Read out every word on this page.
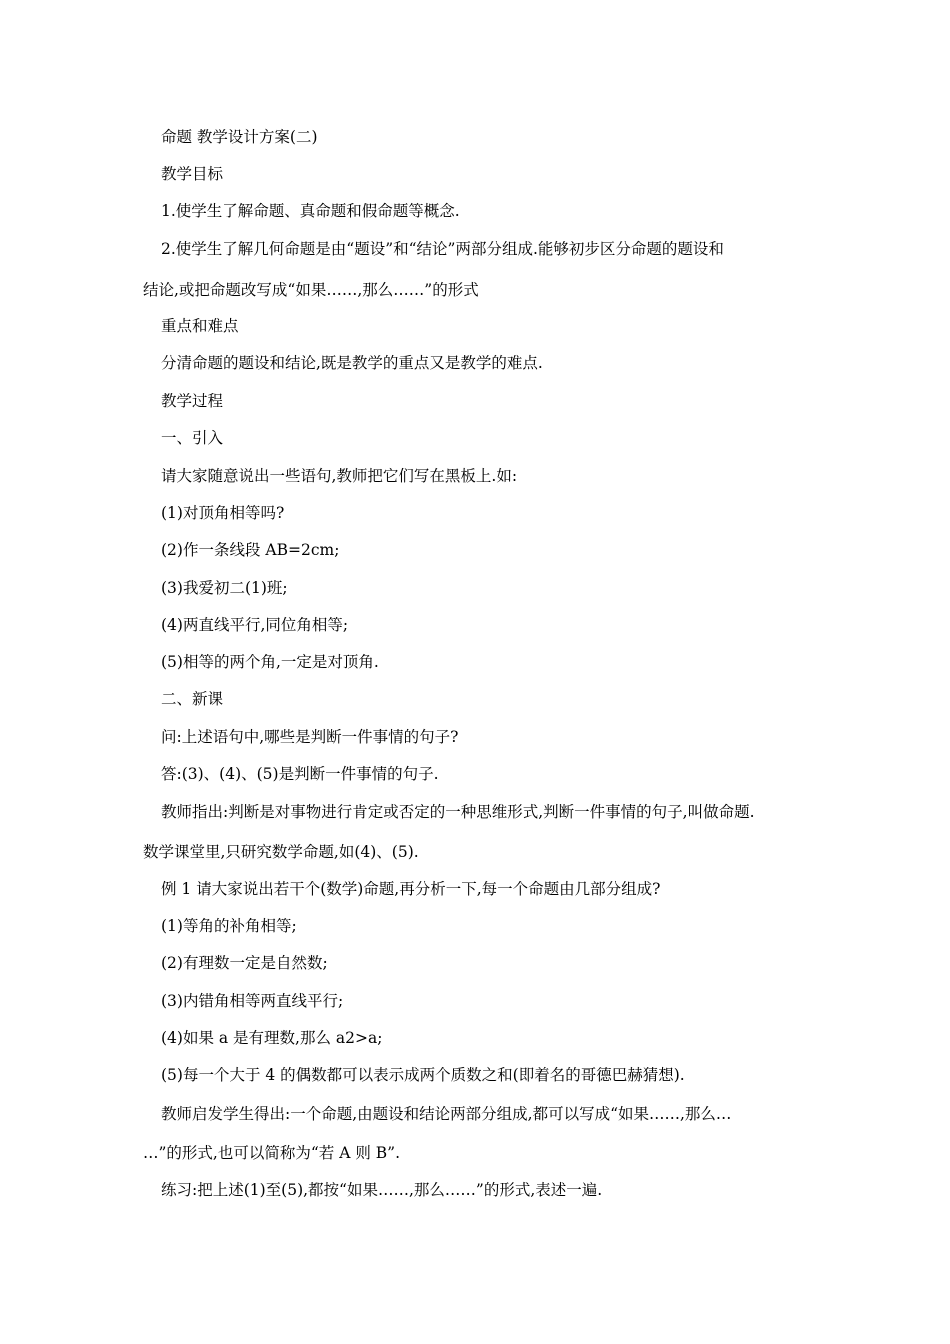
命题 教学设计方案(二)
教学目标
1.使学生了解命题、真命题和假命题等概念.
2.使学生了解几何命题是由“题设”和“结论”两部分组成.能够初步区分命题的题设和
结论,或把命题改写成“如果……,那么……”的形式
重点和难点
分清命题的题设和结论,既是教学的重点又是教学的难点.
教学过程
一、引入
请大家随意说出一些语句,教师把它们写在黑板上.如:
(1)对顶角相等吗?
(2)作一条线段 AB=2cm;
(3)我爱初二(1)班;
(4)两直线平行,同位角相等;
(5)相等的两个角,一定是对顶角.
二、新课
问:上述语句中,哪些是判断一件事情的句子?
答:(3)、(4)、(5)是判断一件事情的句子.
教师指出:判断是对事物进行肯定或否定的一种思维形式,判断一件事情的句子,叫做命题.
数学课堂里,只研究数学命题,如(4)、(5).
例 1 请大家说出若干个(数学)命题,再分析一下,每一个命题由几部分组成?
(1)等角的补角相等;
(2)有理数一定是自然数;
(3)内错角相等两直线平行;
(4)如果 a 是有理数,那么 a2>a;
(5)每一个大于 4 的偶数都可以表示成两个质数之和(即着名的哥德巴赫猜想).
教师启发学生得出:一个命题,由题设和结论两部分组成,都可以写成“如果……,那么…
…”的形式,也可以简称为“若 A 则 B”.
练习:把上述(1)至(5),都按“如果……,那么……”的形式,表述一遍.
